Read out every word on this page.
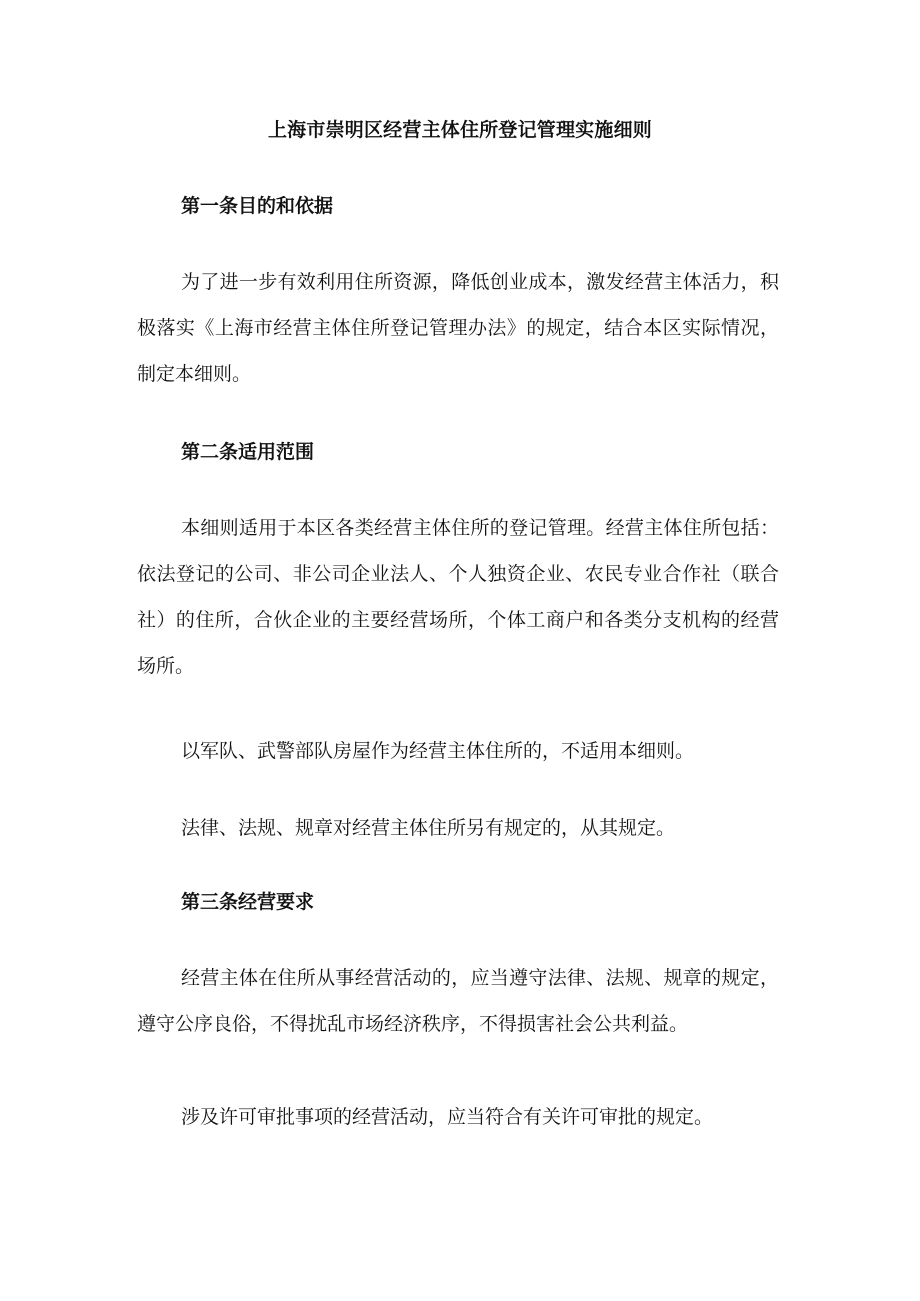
上海市崇明区经营主体住所登记管理实施细则
第一条目的和依据
为了进一步有效利用住所资源，降低创业成本，激发经营主体活力，积极落实《上海市经营主体住所登记管理办法》的规定，结合本区实际情况，制定本细则。
第二条适用范围
本细则适用于本区各类经营主体住所的登记管理。经营主体住所包括：依法登记的公司、非公司企业法人、个人独资企业、农民专业合作社（联合社）的住所，合伙企业的主要经营场所，个体工商户和各类分支机构的经营场所。
以军队、武警部队房屋作为经营主体住所的，不适用本细则。
法律、法规、规章对经营主体住所另有规定的，从其规定。
第三条经营要求
经营主体在住所从事经营活动的，应当遵守法律、法规、规章的规定，遵守公序良俗，不得扰乱市场经济秩序，不得损害社会公共利益。
涉及许可审批事项的经营活动，应当符合有关许可审批的规定。
